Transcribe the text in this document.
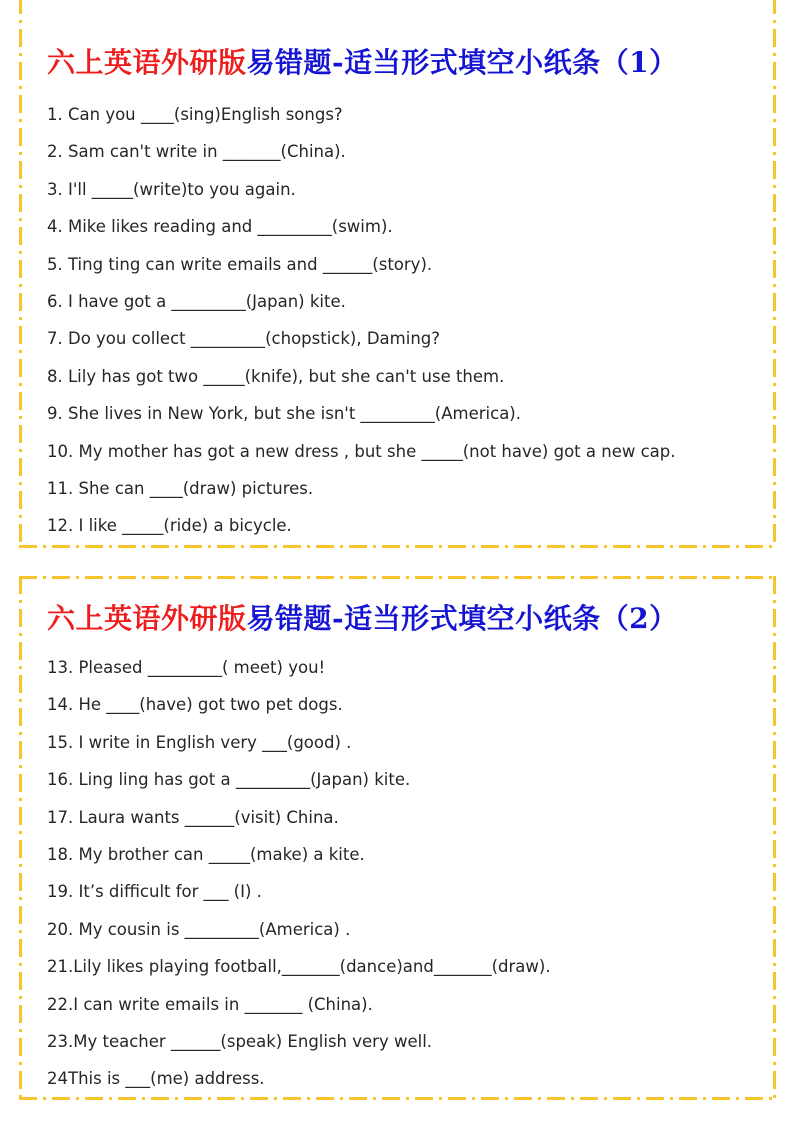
六上英语外研版易错题-适当形式填空小纸条（1）
1. Can you ____(sing)English songs?
2. Sam can't write in _______(China).
3. I'll _____(write)to you again.
4. Mike likes reading and _________(swim).
5. Ting ting can write emails and ______(story).
6. I have got a _________(Japan) kite.
7. Do you collect _________(chopstick), Daming?
8. Lily has got two _____(knife), but she can't use them.
9. She lives in New York, but she isn't _________(America).
10. My mother has got a new dress , but she _____(not have) got a new cap.
11. She can ____(draw) pictures.
12. I like _____(ride) a bicycle.
六上英语外研版易错题-适当形式填空小纸条（2）
13. Pleased _________( meet) you!
14. He ____(have) got two pet dogs.
15. I write in English very ___(good) .
16. Ling ling has got a _________(Japan) kite.
17. Laura wants ______(visit) China.
18. My brother can _____(make) a kite.
19. It’s difficult for ___ (I) .
20. My cousin is _________(America) .
21.Lily likes playing football,_______(dance)and_______(draw).
22.I can write emails in _______ (China).
23.My teacher ______(speak) English very well.
24This is ___(me) address.
